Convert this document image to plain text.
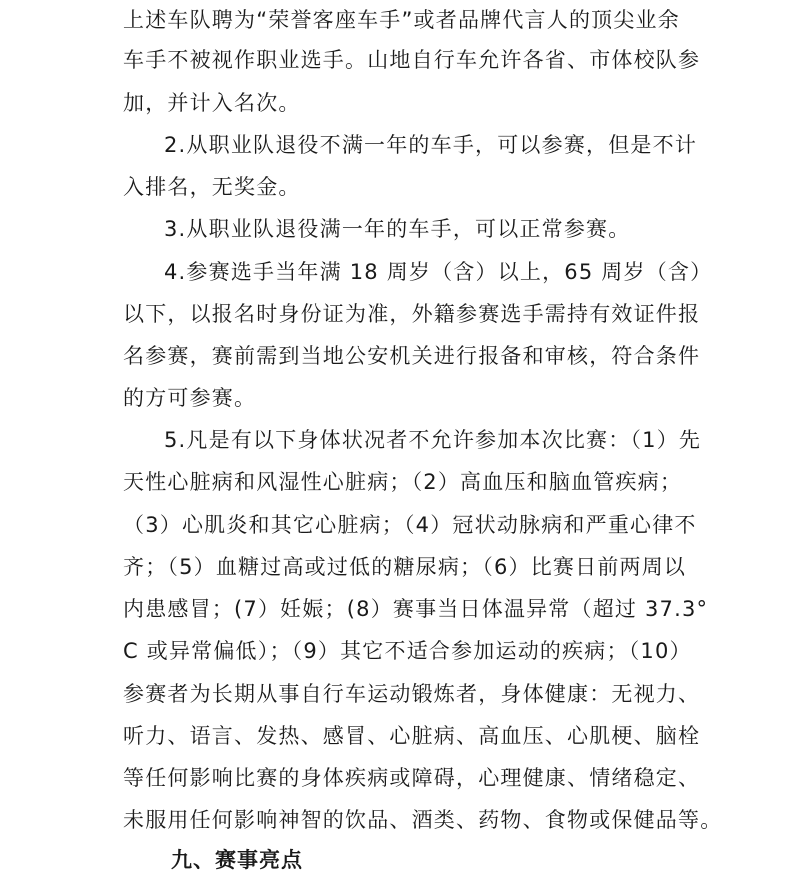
上述车队聘为“荣誉客座车手”或者品牌代言人的顶尖业余
车手不被视作职业选手。山地自行车允许各省、市体校队参
加，并计入名次。
2.从职业队退役不满一年的车手，可以参赛，但是不计
入排名，无奖金。
3.从职业队退役满一年的车手，可以正常参赛。
4.参赛选手当年满 18 周岁（含）以上，65 周岁（含）
以下，以报名时身份证为准，外籍参赛选手需持有效证件报
名参赛，赛前需到当地公安机关进行报备和审核，符合条件
的方可参赛。
5.凡是有以下身体状况者不允许参加本次比赛：（1）先
天性心脏病和风湿性心脏病；（2）高血压和脑血管疾病；
（3）心肌炎和其它心脏病；（4）冠状动脉病和严重心律不
齐；（5）血糖过高或过低的糖尿病；（6）比赛日前两周以
内患感冒；(7）妊娠；(8）赛事当日体温异常（超过 37.3°
C 或异常偏低）；（9）其它不适合参加运动的疾病；（10）
参赛者为长期从事自行车运动锻炼者，身体健康：无视力、
听力、语言、发热、感冒、心脏病、高血压、心肌梗、脑栓
等任何影响比赛的身体疾病或障碍，心理健康、情绪稳定、
未服用任何影响神智的饮品、酒类、药物、食物或保健品等。
九、赛事亮点
